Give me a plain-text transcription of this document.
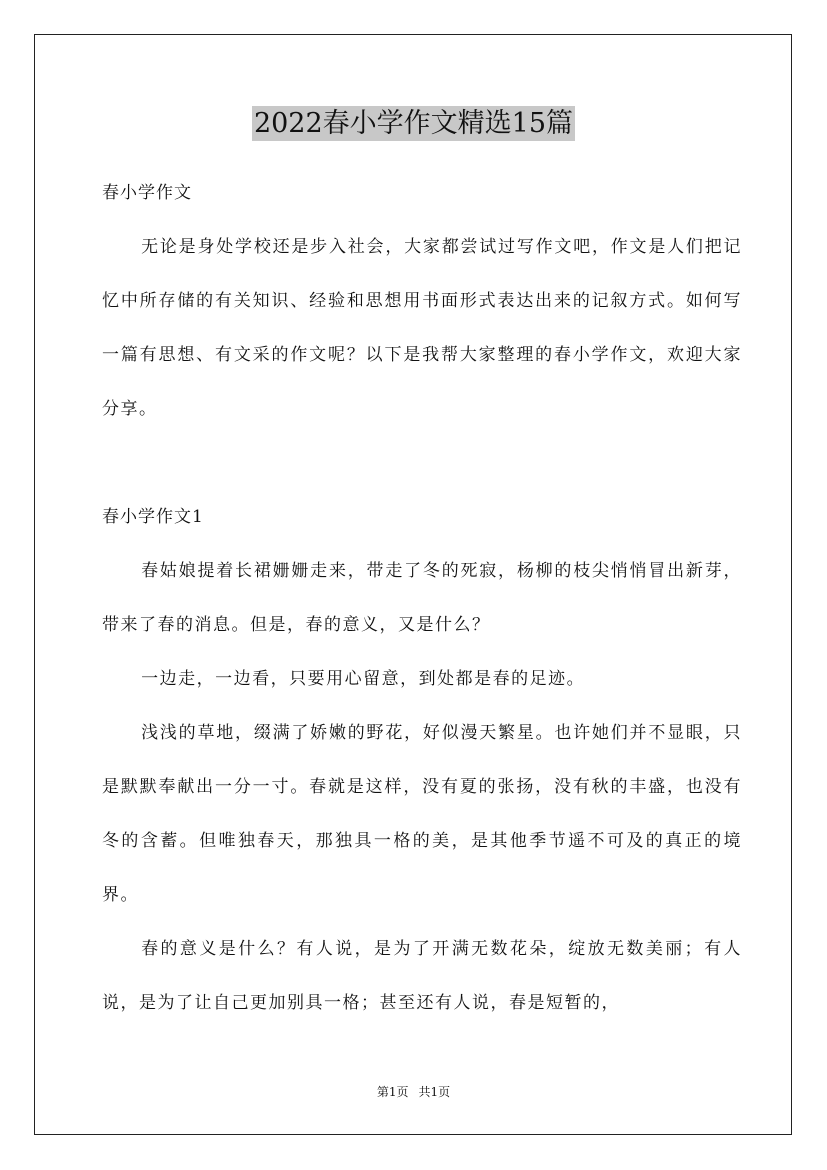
2022春小学作文精选15篇

春小学作文

无论是身处学校还是步入社会，大家都尝试过写作文吧，作文是人们把记忆中所存储的有关知识、经验和思想用书面形式表达出来的记叙方式。如何写一篇有思想、有文采的作文呢？以下是我帮大家整理的春小学作文，欢迎大家分享。

春小学作文1

春姑娘提着长裙姗姗走来，带走了冬的死寂，杨柳的枝尖悄悄冒出新芽，带来了春的消息。但是，春的意义，又是什么？

一边走，一边看，只要用心留意，到处都是春的足迹。

浅浅的草地，缀满了娇嫩的野花，好似漫天繁星。也许她们并不显眼，只是默默奉献出一分一寸。春就是这样，没有夏的张扬，没有秋的丰盛，也没有冬的含蓄。但唯独春天，那独具一格的美，是其他季节遥不可及的真正的境界。

春的意义是什么？有人说，是为了开满无数花朵，绽放无数美丽；有人说，是为了让自己更加别具一格；甚至还有人说，春是短暂的，

第1页 共1页
